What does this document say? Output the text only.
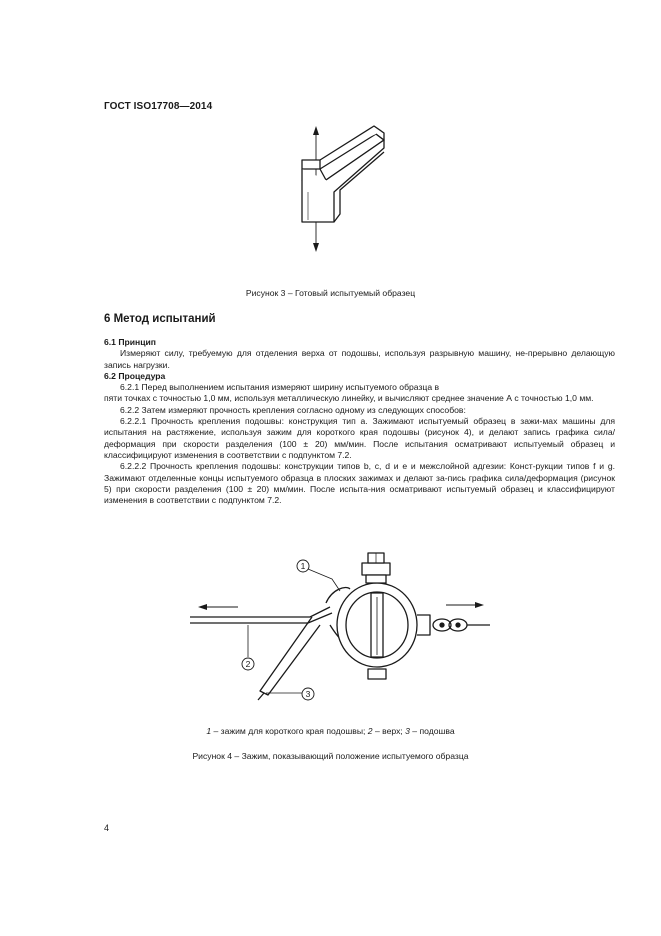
ГОСТ ISO17708—2014
Рисунок 3 – Готовый испытуемый образец
6 Метод испытаний
6.1 Принцип
Измеряют силу, требуемую для отделения верха от подошвы, используя разрывную машину, не-прерывно делающую запись нагрузки.
6.2 Процедура
6.2.1 Перед выполнением испытания измеряют ширину испытуемого образца в
пяти точках с точностью 1,0 мм, используя металлическую линейку, и вычисляют среднее значение А с точностью 1,0 мм.
6.2.2 Затем измеряют прочность крепления согласно одному из следующих способов:
6.2.2.1 Прочность крепления подошвы: конструкция тип а. Зажимают испытуемый образец в зажи-мах машины для испытания на растяжение, используя зажим для короткого края подошвы (рисунок 4), и делают запись графика сила/деформация при скорости разделения (100 ± 20) мм/мин. После испытания осматривают испытуемый образец и классифицируют изменения в соответствии с подпунктом 7.2.
6.2.2.2 Прочность крепления подошвы: конструкции типов b, c, d и e и межслойной адгезии: Конст-рукции типов f и g. Зажимают отделенные концы испытуемого образца в плоских зажимах и делают за-пись графика сила/деформация (рисунок 5) при скорости разделения (100 ± 20) мм/мин. После испыта-ния осматривают испытуемый образец и классифицируют изменения в соответствии с подпунктом 7.2.
1
2
3
1 – зажим для короткого края подошвы; 2 – верх; 3 – подошва
Рисунок 4 – Зажим, показывающий положение испытуемого образца
4
